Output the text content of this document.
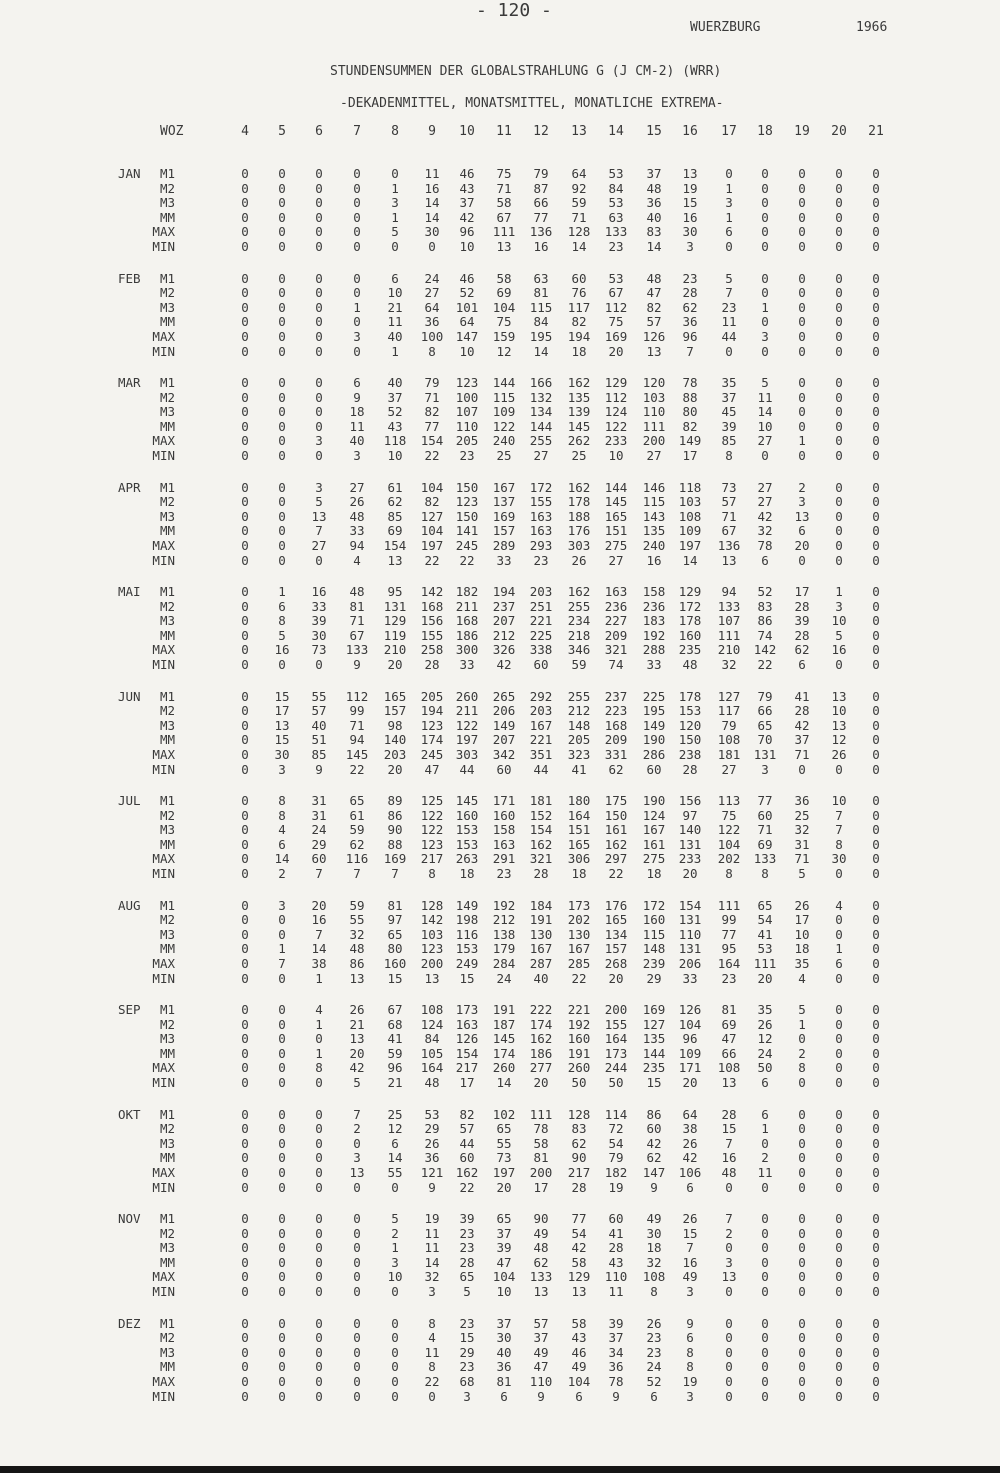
- 120 -
WUERZBURG	1966
STUNDENSUMMEN DER GLOBALSTRAHLUNG G (J CM-2) (WRR)
-DEKADENMITTEL, MONATSMITTEL, MONATLICHE EXTREMA-
WOZ	4 5 6 7 8 9 10 11 12 13 14 15 16 17 18 19 20 21
JAN M1	0 0 0 0 0 11 46 75 79 64 53 37 13 0 0 0 0 0
M2	0 0 0 0 1 16 43 71 87 92 84 48 19 1 0 0 0 0
M3	0 0 0 0 3 14 37 58 66 59 53 36 15 3 0 0 0 0
MM	0 0 0 0 1 14 42 67 77 71 63 40 16 1 0 0 0 0
MAX	0 0 0 0 5 30 96 111 136 128 133 83 30 6 0 0 0 0
MIN	0 0 0 0 0 0 10 13 16 14 23 14 3	0 0 0 0 0
FEB M1	0 0 0 0 6 24 46 58 63 60 53 48 23 5 0 0 0 0
M2	0 0 0 0 10 27 52 69 81 76 67 47 28 7 0 0 0 0
M3	0 0 0 1 21 64 101 104 115 117 112 82 62 23 1 0 0 0
MM	0 0 0 0 11 36 64 75 84 82 75 57 36 11 0 0 0 0
MAX	0 0 0 3 40 100 147 159 195 194 169 126 96 44 3 0 0 0
MIN	0 0 0 0 1 8 10 12 14 18 20 13 7	0 0 0 0 0
MAR M1	0 0 0 6 40 79 123 144 166 162 129 120 78 35 5 0 0 0
M2	0 0 0 9 37 71 100 115 132 135 112 103 88 37 11 0 0 0
M3	0 0 0 18 52 82 107 109 134 139 124 110 80 45 14 0 0 0
MM	0 0 0 11 43 77 110 122 144 145 122 111 82 39 10 0 0 0
MAX	0 0 3 40 118 154 205 240 255 262 233 200 149 85 27 1 0 0
MIN	0 0 0 3 10 22 23 25 27 25 10 27 17 8 0 0 0 0
APR M1	0 0 3 27 61 104 150 167 172 162 144 146 118 73 27 2 0 0
M2	0 0 5 26 62 82 123 137 155 178 145 115 103 57 27 3 0 0
M3	0 0 13 48 85 127 150 169 163 188 165 143 108 71 42 13 0 0
MM	0 0 7 33 69 104 141 157 163 176 151 135 109 67 32 6 0 0
MAX	0 0 27 94 154 197 245 289 293 303 275 240 197 136 78 20 0 0
MIN	0 0 0 4 13 22 22 33 23 26 27 16 14 13 6 0 0 0
MAI M1	0 1 16 48 95 142 182 194 203 162 163 158 129 94 52 17 1 0
M2	0 6 33 81 131 168 211 237 251 255 236 236 172 133 83 28 3 0
M3	0 8 39 71 129 156 168 207 221 234 227 183 178 107 86 39 10 0
MM	0 5 30 67 119 155 186 212 225 218 209 192 160 111 74 28 5 0
MAX	0 16 73 133 210 258 300 326 338 346 321 288 235 210 142 62 16 0
MIN	0 0 0 9 20 28 33 42 60 59 74 33 48 32 22 6 0 0
JUN M1	0 15 55 112 165 205 260 265 292 255 237 225 178 127 79 41 13 0
M2	0 17 57 99 157 194 211 206 203 212 223 195 153 117 66 28 10 0
M3	0 13 40 71 98 123 122 149 167 148 168 149 120 79 65 42 13 0
MM	0 15 51 94 140 174 197 207 221 205 209 190 150 108 70 37 12 0
MAX	0 30 85 145 203 245 303 342 351 323 331 286 238 181 131 71 26 0
MIN	0 3 9 22 20 47 44 60 44 41 62 60 28 27 3 0 0 0
JUL M1	0 8 31 65 89 125 145 171 181 180 175 190 156 113 77 36 10 0
M2	0 8 31 61 86 122 160 160 152 164 150 124 97 75 60 25 7 0
M3	0 4 24 59 90 122 153 158 154 151 161 167 140 122 71 32 7 0
MM	0 6 29 62 88 123 153 163 162 165 162 161 131 104 69 31 8 0
MAX	0 14 60 116 169 217 263 291 321 306 297 275 233 202 133 71 30 0
MIN	0 2 7 7 7 8 18 23 28 18 22 18 20 8 8 5 0 0
AUG M1	0 3 20 59 81 128 149 192 184 173 176 172 154 111 65 26 4 0
M2	0 0 16 55 97 142 198 212 191 202 165 160 131 99 54 17 0 0
M3	0 0 7 32 65 103 116 138 130 130 134 115 110 77 41 10 0 0
MM	0 1 14 48 80 123 153 179 167 167 157 148 131 95 53 18 1 0
MAX	0 7 38 86 160 200 249 284 287 285 268 239 206 164 111 35 6 0
MIN	0 0 1 13 15 13 15 24 40 22 20 29 33 23 20 4 0 0
SEP M1	0 0 4 26 67 108 173 191 222 221 200 169 126 81 35 5 0 0
M2	0 0 1 21 68 124 163 187 174 192 155 127 104 69 26 1 0 0
M3	0 0 0 13 41 84 126 145 162 160 164 135 96 47 12 0 0 0
MM	0 0 1 20 59 105 154 174 186 191 173 144 109 66 24 2 0 0
MAX	0 0 8 42 96 164 217 260 277 260 244 235 171 108 50 8 0 0
MIN	0 0 0 5 21 48 17 14 20 50 50 15 20 13 6 0 0 0
OKT M1	0 0 0 7 25 53 82 102 111 128 114 86 64 28 6 0 0 0
M2	0 0 0 2 12 29 57 65 78 83 72 60 38 15 1 0 0 0
M3	0 0 0 0 6 26 44 55 58 62 54 42 26 7 0 0 0 0
MM	0 0 0 3 14 36 60 73 81 90 79 62 42 16 2 0 0 0
MAX	0 0 0 13 55 121 162 197 200 217 182 147 106 48 11 0 0 0
MIN	0 0 0 0 0 9 22 20 17 28 19 9 6	0 0 0 0 0
NOV M1	0 0 0 0 5 19 39 65 90 77 60 49 26 7 0 0 0 0
M2	0 0 0 0 2 11 23 37 49 54 41 30 15 2 0 0 0 0
M3	0 0 0 0 1 11 23 39 48 42 28 18 7	0 0 0 0 0
MM	0 0 0 0 3 14 28 47 62 58 43 32 16 3 0 0 0 0
MAX	0 0 0 0 10 32 65 104 133 129 110 108 49 13 0 0 0 0
MIN	0 0 0 0 0 3 5 10 13 13 11 8 3	0 0 0 0 0
DEZ M1	0 0 0 0 0 8 23 37 57 58 39 26 9	0 0 0 0 0
M2	0 0 0 0 0 4 15 30 37 43 37 23 6	0 0 0 0 0
M3	0 0 0 0 0 11 29 40 49 46 34 23 8	0 0 0 0 0
MM	0 0 0 0 0 8 23 36 47 49 36 24 8	0 0 0 0 0
MAX	0 0 0 0 0 22 68 81 110 104 78 52 19 0 0 0 0 0
MIN	0 0 0 0 0 0 3 6 9 6 9 6 3	0 0 0 0 0
